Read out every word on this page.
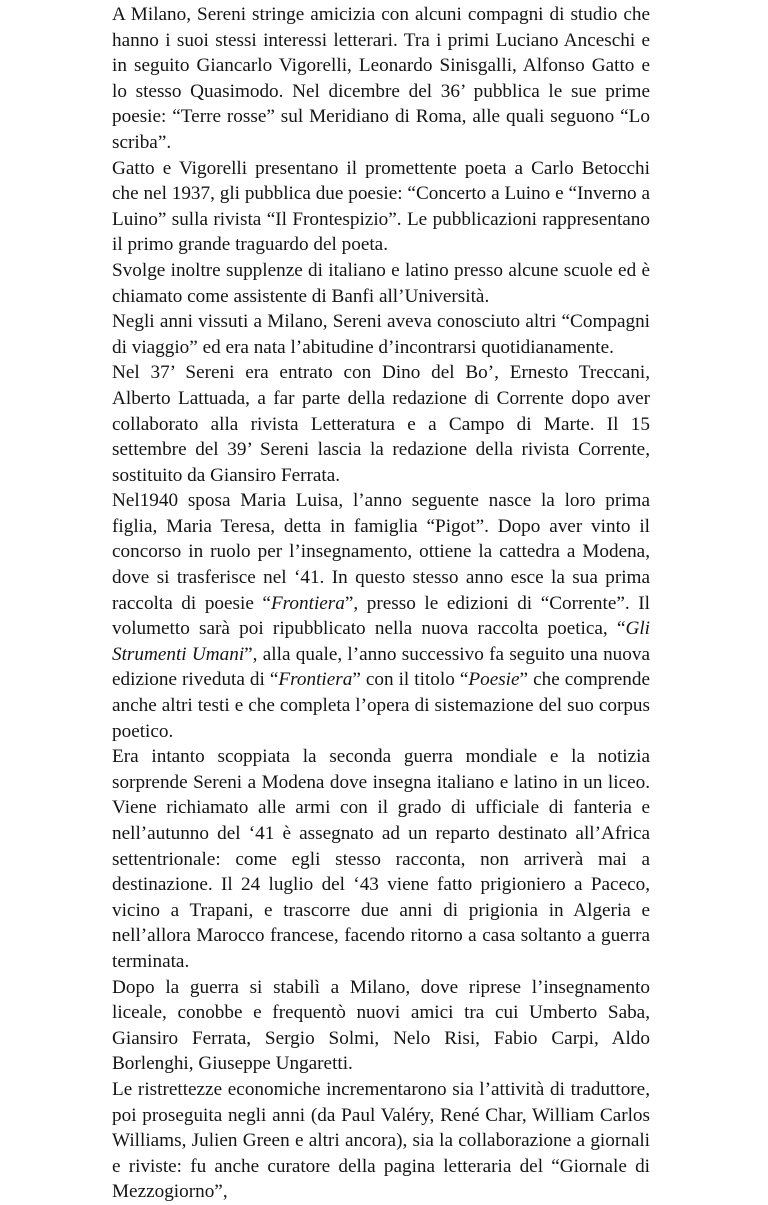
A Milano, Sereni stringe amicizia con alcuni compagni di studio che hanno i suoi stessi interessi letterari. Tra i primi Luciano Anceschi e in seguito Giancarlo Vigorelli, Leonardo Sinisgalli, Alfonso Gatto e lo stesso Quasimodo. Nel dicembre del 36’ pubblica le sue prime poesie: “Terre rosse” sul Meridiano di Roma, alle quali seguono “Lo scriba”.

Gatto e Vigorelli presentano il promettente poeta a Carlo Betocchi che nel 1937, gli pubblica due poesie: “Concerto a Luino e “Inverno a Luino” sulla rivista “Il Frontespizio”. Le pubblicazioni rappresentano il primo grande traguardo del poeta.

Svolge inoltre supplenze di italiano e latino presso alcune scuole ed è chiamato come assistente di Banfi all’Università.

Negli anni vissuti a Milano, Sereni aveva conosciuto altri “Compagni di viaggio” ed era nata l’abitudine d’incontrarsi quotidianamente.

Nel 37’ Sereni era entrato con Dino del Bo’, Ernesto Treccani, Alberto Lattuada, a far parte della redazione di Corrente dopo aver collaborato alla rivista Letteratura e a Campo di Marte. Il 15 settembre del 39’ Sereni lascia la redazione della rivista Corrente, sostituito da Giansiro Ferrata.

Nel1940 sposa Maria Luisa, l’anno seguente nasce la loro prima figlia, Maria Teresa, detta in famiglia “Pigot”. Dopo aver vinto il concorso in ruolo per l’insegnamento, ottiene la cattedra a Modena, dove si trasferisce nel ‘41. In questo stesso anno esce la sua prima raccolta di poesie “Frontiera”, presso le edizioni di “Corrente”. Il volumetto sarà poi ripubblicato nella nuova raccolta poetica, “Gli Strumenti Umani”, alla quale, l’anno successivo fa seguito una nuova edizione riveduta di “Frontiera” con il titolo “Poesie” che comprende anche altri testi e che completa l’opera di sistemazione del suo corpus poetico.

Era intanto scoppiata la seconda guerra mondiale e la notizia sorprende Sereni a Modena dove insegna italiano e latino in un liceo. Viene richiamato alle armi con il grado di ufficiale di fanteria e nell’autunno del ‘41 è assegnato ad un reparto destinato all’Africa settentrionale: come egli stesso racconta, non arriverà mai a destinazione. Il 24 luglio del ‘43 viene fatto prigioniero a Paceco, vicino a Trapani, e trascorre due anni di prigionia in Algeria e nell’allora Marocco francese, facendo ritorno a casa soltanto a guerra terminata.

Dopo la guerra si stabilì a Milano, dove riprese l’insegnamento liceale, conobbe e frequentò nuovi amici tra cui Umberto Saba, Giansiro Ferrata, Sergio Solmi, Nelo Risi, Fabio Carpi, Aldo Borlenghi, Giuseppe Ungaretti.

Le ristrettezze economiche incrementarono sia l’attività di traduttore, poi proseguita negli anni (da Paul Valéry, René Char, William Carlos Williams, Julien Green e altri ancora), sia la collaborazione a giornali e riviste: fu anche curatore della pagina letteraria del “Giornale di Mezzogiorno”,
